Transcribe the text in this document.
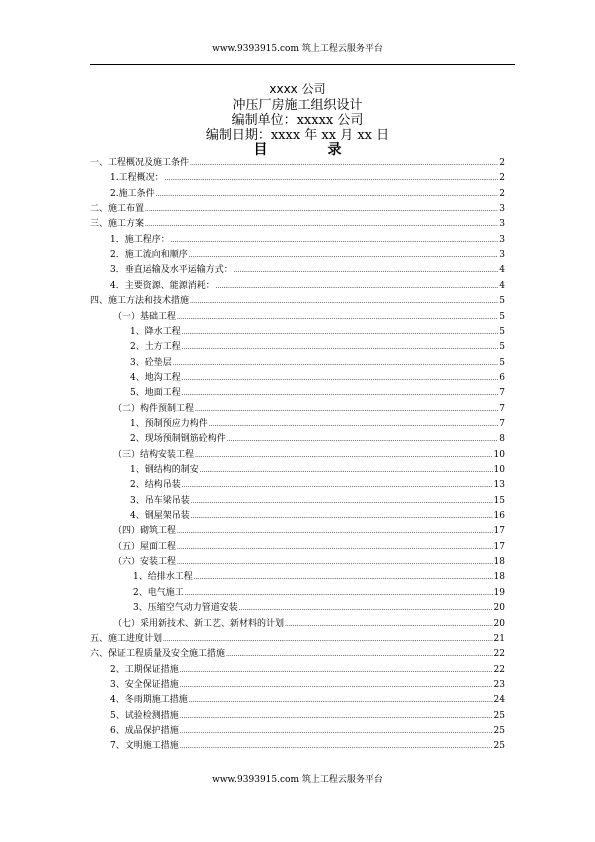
www.9393915.com 筑上工程云服务平台
xxxx 公司
冲压厂房施工组织设计
编制单位：xxxxx 公司
编制日期：xxxx 年 xx 月 xx 日
目	录
一、工程概况及施工条件 .....	2
1.工程概况： .....	2
2.施工条件 .....	2
二、施工布置 .....	3
三、施工方案 .....	3
1．施工程序： .....	3
2．施工流向和顺序 .....	3
3．垂直运输及水平运输方式： .....	4
4．主要资源、能源消耗： .....	4
四、施工方法和技术措施 .....	5
（一）基础工程 .....	5
1、降水工程 .....	5
2、土方工程 .....	5
3、砼垫层 .....	5
4、地沟工程 .....	6
5、地面工程 .....	7
（二）构件预制工程 .....	7
1、预制预应力构件 .....	7
2、现场预制钢筋砼构件 .....	8
（三）结构安装工程 .....	10
1、钢结构的制安 .....	10
2、结构吊装 .....	13
3、吊车梁吊装 .....	15
4、钢屋架吊装 .....	16
（四）砌筑工程 .....	17
（五）屋面工程 .....	17
（六）安装工程 .....	18
1、给排水工程 .....	18
2、电气施工 .....	19
3、压缩空气动力管道安装 .....	20
（七）采用新技术、新工艺、新材料的计划 .....	20
五、施工进度计划 .....	21
六、保证工程质量及安全施工措施 .....	22
2、工期保证措施 .....	22
3、安全保证措施 .....	23
4、冬雨期施工措施 .....	24
5、试验检测措施 .....	25
6、成品保护措施 .....	25
7、文明施工措施 .....	25
www.9393915.com 筑上工程云服务平台
